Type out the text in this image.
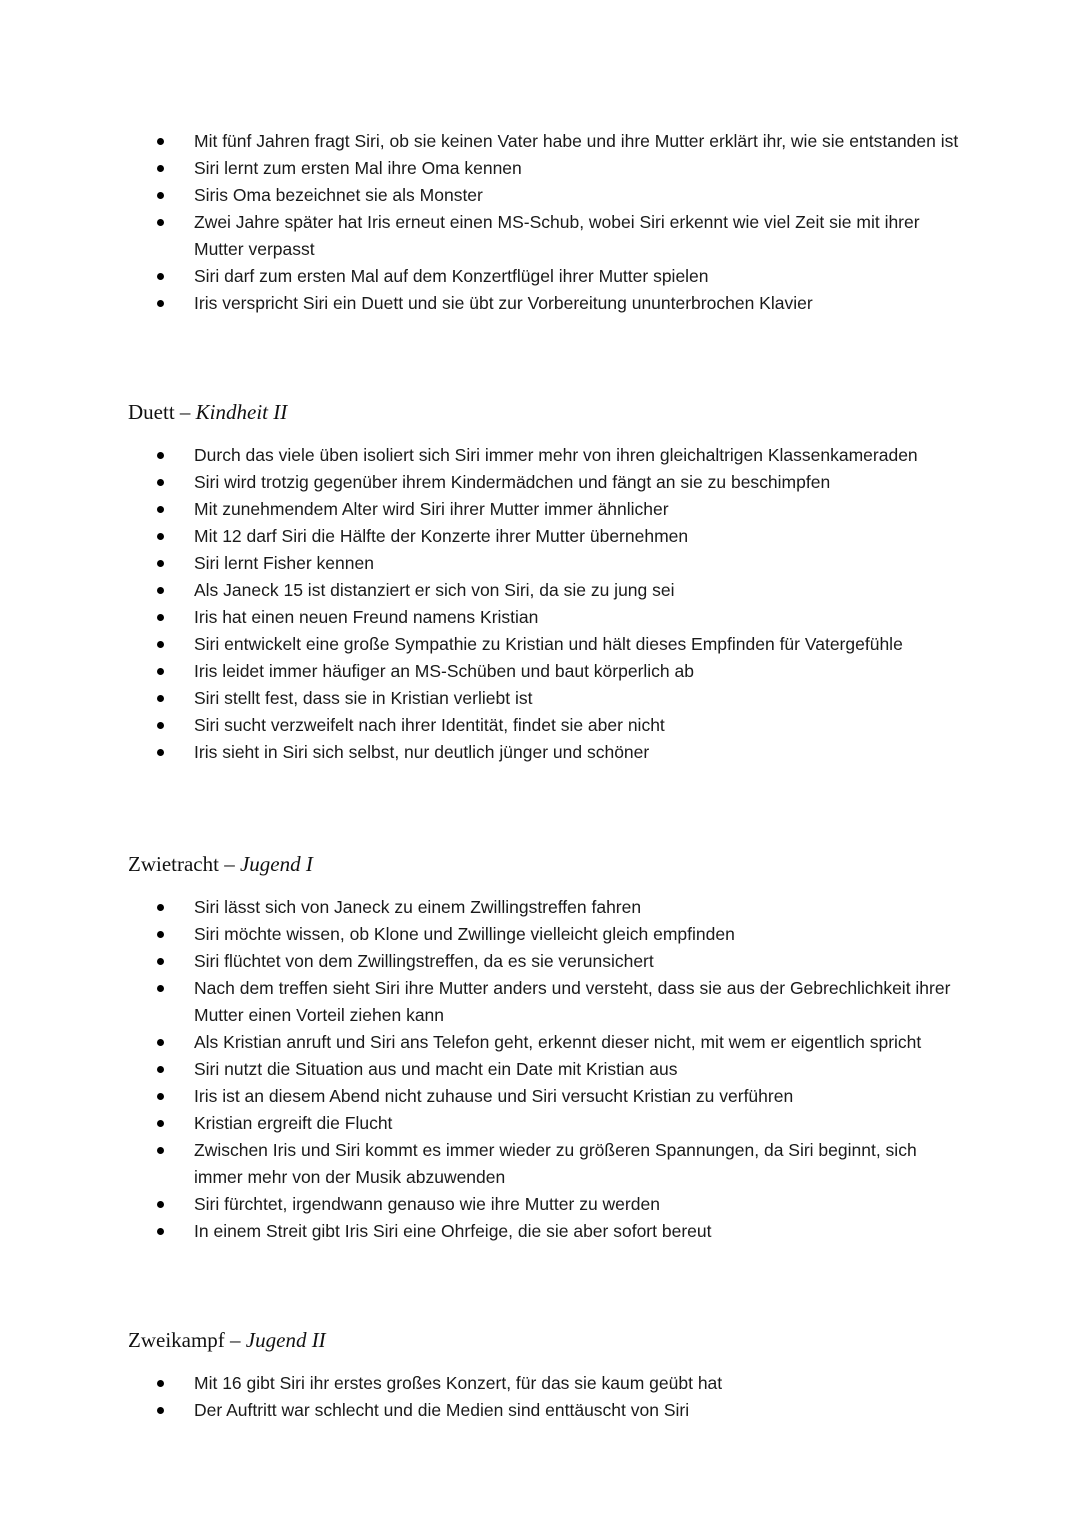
Mit fünf Jahren fragt Siri, ob sie keinen Vater habe und ihre Mutter erklärt ihr, wie sie entstanden ist
Siri lernt zum ersten Mal ihre Oma kennen
Siris Oma bezeichnet sie als Monster
Zwei Jahre später hat Iris erneut einen MS-Schub, wobei Siri erkennt wie viel Zeit sie mit ihrer Mutter verpasst
Siri darf zum ersten Mal auf dem Konzertflügel ihrer Mutter spielen
Iris verspricht Siri ein Duett und sie übt zur Vorbereitung ununterbrochen Klavier
Duett – Kindheit II
Durch das viele üben isoliert sich Siri immer mehr von ihren gleichaltrigen Klassenkameraden
Siri wird trotzig gegenüber ihrem Kindermädchen und fängt an sie zu beschimpfen
Mit zunehmendem Alter wird Siri ihrer Mutter immer ähnlicher
Mit 12 darf Siri die Hälfte der Konzerte ihrer Mutter übernehmen
Siri lernt Fisher kennen
Als Janeck 15 ist distanziert er sich von Siri, da sie zu jung sei
Iris hat einen neuen Freund namens Kristian
Siri entwickelt eine große Sympathie zu Kristian und hält dieses Empfinden für Vatergefühle
Iris leidet immer häufiger an MS-Schüben und baut körperlich ab
Siri stellt fest, dass sie in Kristian verliebt ist
Siri sucht verzweifelt nach ihrer Identität, findet sie aber nicht
Iris sieht in Siri sich selbst, nur deutlich jünger und schöner
Zwietracht – Jugend I
Siri lässt sich von Janeck zu einem Zwillingstreffen fahren
Siri möchte wissen, ob Klone und Zwillinge vielleicht gleich empfinden
Siri flüchtet von dem Zwillingstreffen, da es sie verunsichert
Nach dem treffen sieht Siri ihre Mutter anders und versteht, dass sie aus der Gebrechlichkeit ihrer Mutter einen Vorteil ziehen kann
Als Kristian anruft und Siri ans Telefon geht, erkennt dieser nicht, mit wem er eigentlich spricht
Siri nutzt die Situation aus und macht ein Date mit Kristian aus
Iris ist an diesem Abend nicht zuhause und Siri versucht Kristian zu verführen
Kristian ergreift die Flucht
Zwischen Iris und Siri kommt es immer wieder zu größeren Spannungen, da Siri beginnt, sich immer mehr von der Musik abzuwenden
Siri fürchtet, irgendwann genauso wie ihre Mutter zu werden
In einem Streit gibt Iris Siri eine Ohrfeige, die sie aber sofort bereut
Zweikampf – Jugend II
Mit 16 gibt Siri ihr erstes großes Konzert, für das sie kaum geübt hat
Der Auftritt war schlecht und die Medien sind enttäuscht von Siri
